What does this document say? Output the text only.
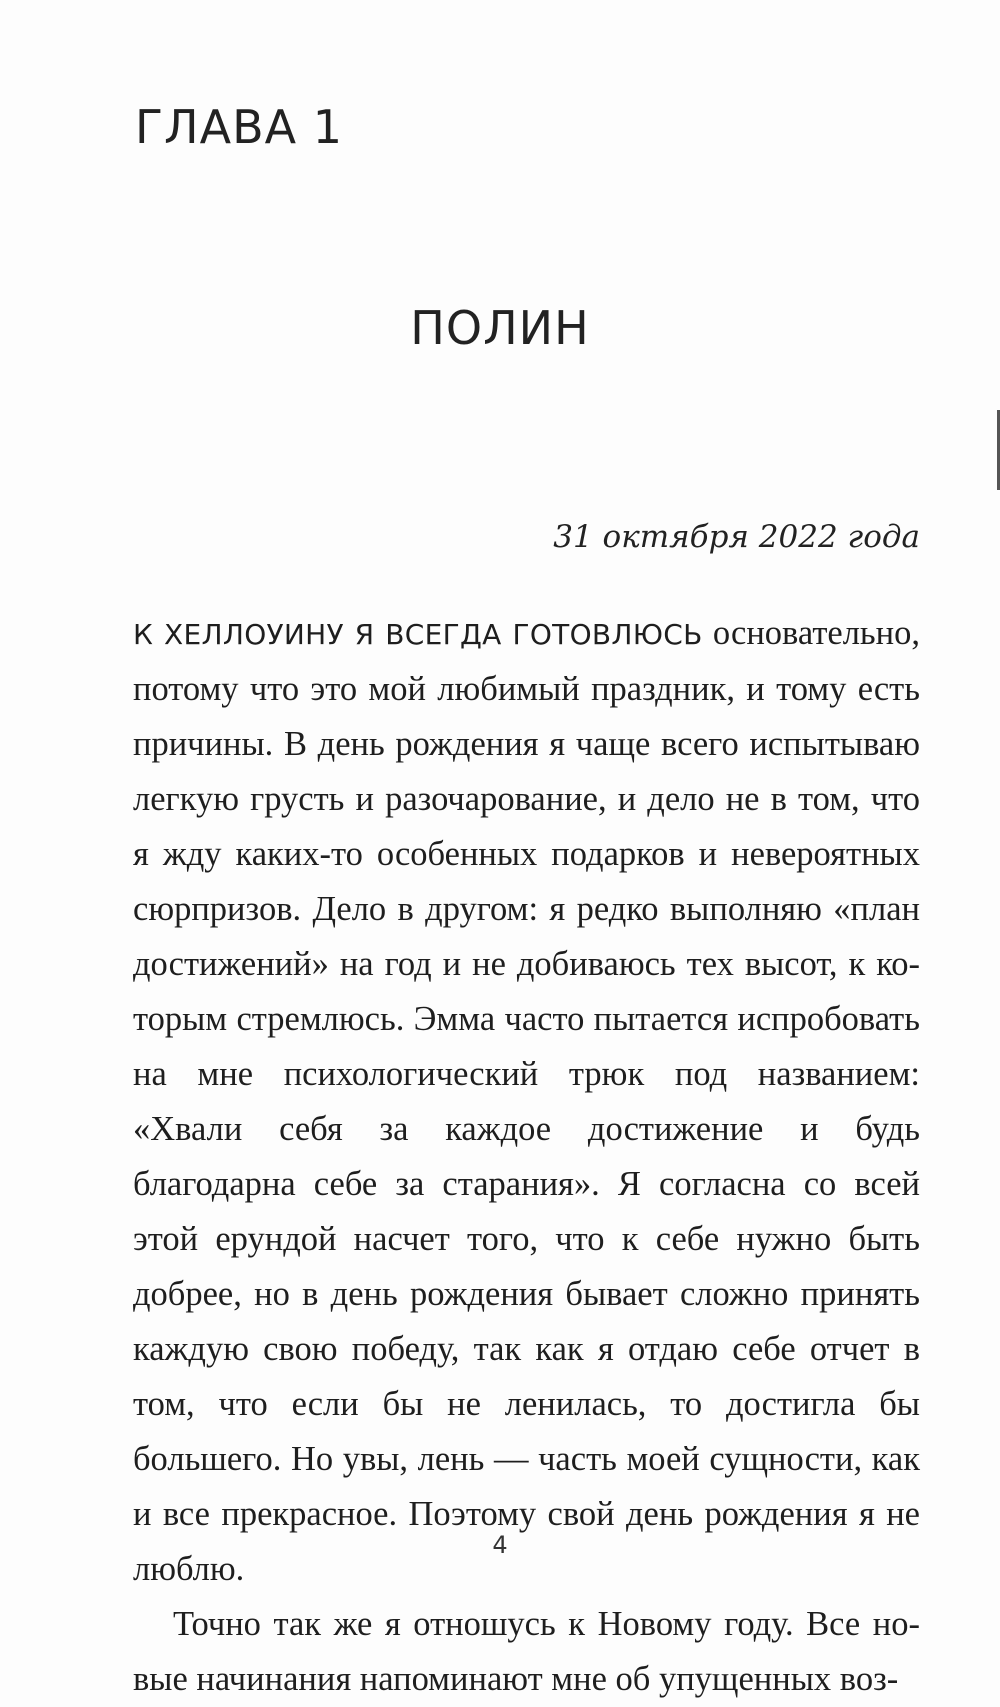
ГЛАВА 1
ПОЛИН

31 октября 2022 года

К ХЕЛЛОУИНУ Я ВСЕГДА ГОТОВЛЮСЬ основательно, потому что это мой любимый праздник, и тому есть причины. В день рождения я чаще всего испытываю легкую грусть и разочарование, и дело не в том, что я жду каких-то особенных подарков и невероятных сюрпризов. Дело в другом: я редко выполняю «план достижений» на год и не добиваюсь тех высот, к которым стремлюсь. Эмма часто пытается испробовать на мне психологический трюк под названием: «Хвали себя за каждое достижение и будь благодарна себе за старания». Я согласна со всей этой ерундой насчет того, что к себе нужно быть добрее, но в день рождения бывает сложно принять каждую свою победу, так как я отдаю себе отчет в том, что если бы не ленилась, то достигла бы большего. Но увы, лень — часть моей сущности, как и все прекрасное. Поэтому свой день рождения я не люблю.

Точно так же я отношусь к Новому году. Все новые начинания напоминают мне об упущенных воз-

4
